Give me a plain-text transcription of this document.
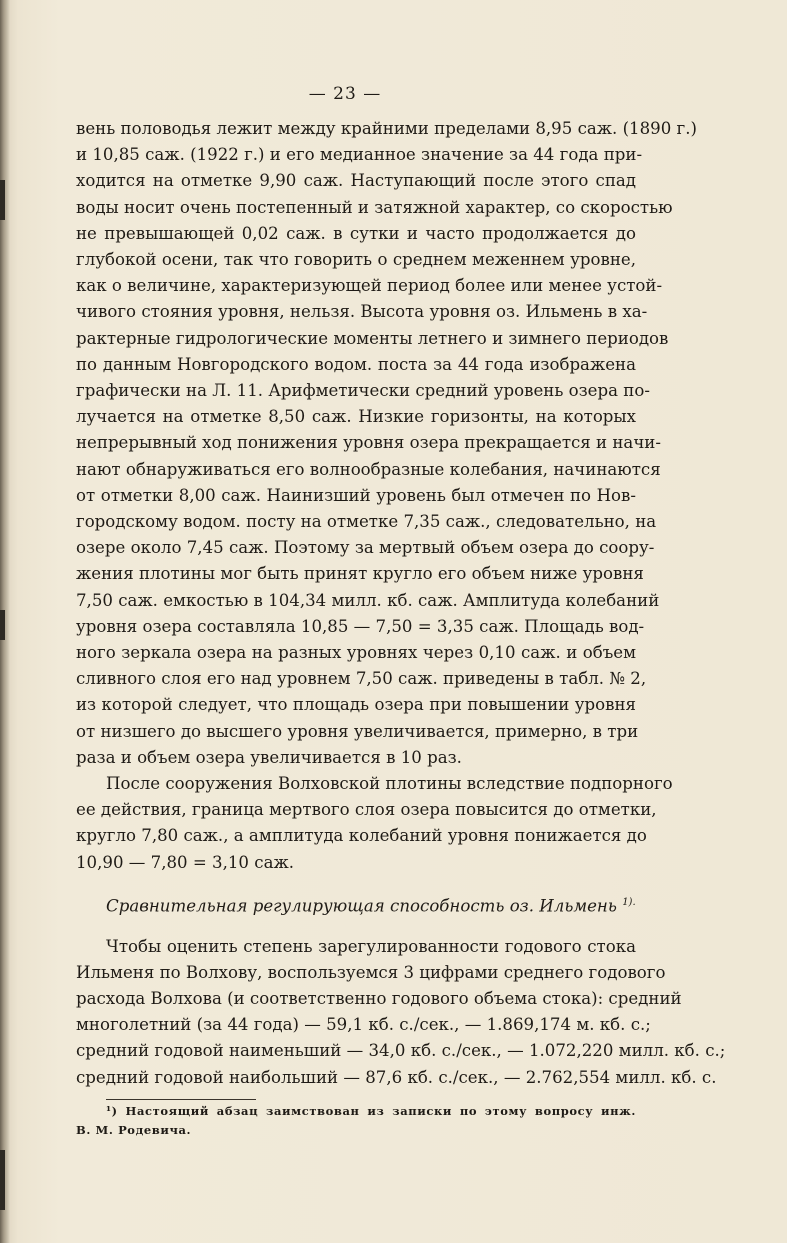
— 23 —
вень половодья лежит между крайними пределами 8,95 саж. (1890 г.)
и 10,85 саж. (1922 г.) и его медианное значение за 44 года при-
ходится на отметке 9,90 саж. Наступающий после этого спад
воды носит очень постепенный и затяжной характер, со скоростью
не превышающей 0,02 саж. в сутки и часто продолжается до
глубокой осени, так что говорить о среднем меженнем уровне,
как о величине, характеризующей период более или менее устой-
чивого стояния уровня, нельзя. Высота уровня оз. Ильмень в ха-
рактерные гидрологические моменты летнего и зимнего периодов
по данным Новгородского водом. поста за 44 года изображена
графически на Л. 11. Арифметически средний уровень озера по-
лучается на отметке 8,50 саж. Низкие горизонты, на которых
непрерывный ход понижения уровня озера прекращается и начи-
нают обнаруживаться его волнообразные колебания, начинаются
от отметки 8,00 саж. Наинизший уровень был отмечен по Нов-
городскому водом. посту на отметке 7,35 саж., следовательно, на
озере около 7,45 саж. Поэтому за мертвый объем озера до соору-
жения плотины мог быть принят кругло его объем ниже уровня
7,50 саж. емкостью в 104,34 милл. кб. саж. Амплитуда колебаний
уровня озера составляла 10,85 — 7,50 = 3,35 саж. Площадь вод-
ного зеркала озера на разных уровнях через 0,10 саж. и объем
сливного слоя его над уровнем 7,50 саж. приведены в табл. № 2,
из которой следует, что площадь озера при повышении уровня
от низшего до высшего уровня увеличивается, примерно, в три
раза и объем озера увеличивается в 10 раз.
После сооружения Волховской плотины вследствие подпорного
ее действия, граница мертвого слоя озера повысится до отметки,
кругло 7,80 саж., а амплитуда колебаний уровня понижается до
10,90 — 7,80 = 3,10 саж.
Сравнительная регулирующая способность оз. Ильмень $^{1).}$
Чтобы оценить степень зарегулированности годового стока
Ильменя по Волхову, воспользуемся 3 цифрами среднего годового
расхода Волхова (и соответственно годового объема стока): средний
многолетний (за 44 года) — 59,1 кб. с./сек., — 1.869,174 м. кб. с.;
средний годовой наименьший — 34,0 кб. с./сек., — 1.072,220 милл. кб. с.;
средний годовой наибольший — 87,6 кб. с./сек., — 2.762,554 милл. кб. с.
¹) Настоящий абзац заимствован из записки по этому вопросу инж.
В. М. Родевича.
